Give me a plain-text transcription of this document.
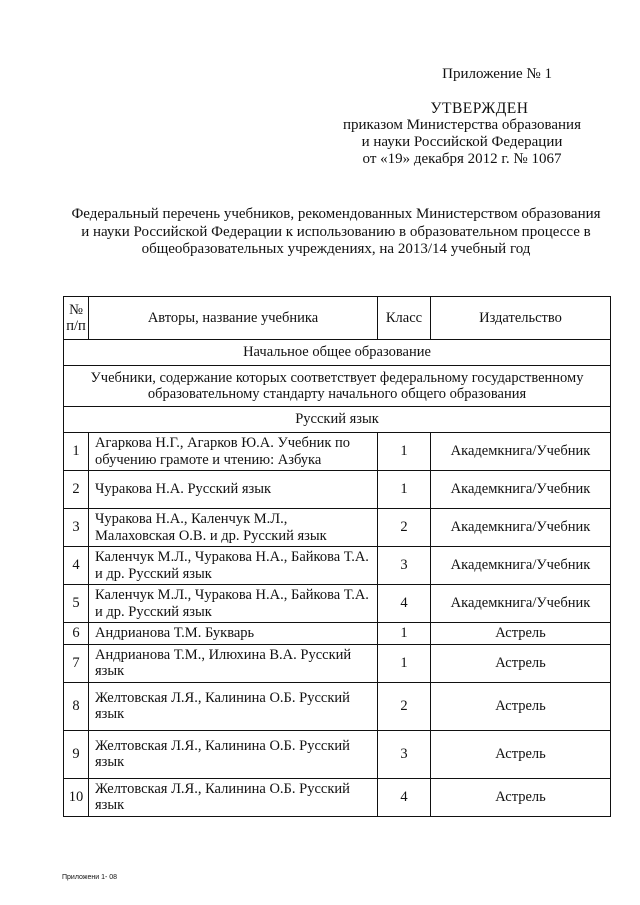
Приложение № 1
УТВЕРЖДЕН
приказом Министерства образования
и науки Российской Федерации
от «19» декабря 2012 г. № 1067
Федеральный перечень учебников, рекомендованных Министерством образования
и науки Российской Федерации к использованию в образовательном процессе в
общеобразовательных учреждениях, на 2013/14 учебный год
№ п/п	Авторы, название учебника	Класс	Издательство
Начальное общее образование			
Учебники, содержание которых соответствует федеральному государственному образовательному стандарту начального общего образования			
Русский язык			
1	Агаркова Н.Г., Агарков Ю.А. Учебник по обучению грамоте и чтению: Азбука	1	Академкнига/Учебник
2	Чуракова Н.А. Русский язык	1	Академкнига/Учебник
3	Чуракова Н.А., Каленчук М.Л., Малаховская О.В. и др. Русский язык	2	Академкнига/Учебник
4	Каленчук М.Л., Чуракова Н.А., Байкова Т.А. и др. Русский язык	3	Академкнига/Учебник
5	Каленчук М.Л., Чуракова Н.А., Байкова Т.А. и др. Русский язык	4	Академкнига/Учебник
6	Андрианова Т.М. Букварь	1	Астрель
7	Андрианова Т.М., Илюхина В.А. Русский язык	1	Астрель
8	Желтовская Л.Я., Калинина О.Б. Русский язык	2	Астрель
9	Желтовская Л.Я., Калинина О.Б. Русский язык	3	Астрель
10	Желтовская Л.Я., Калинина О.Б. Русский язык	4	Астрель
Приложени 1- 08
